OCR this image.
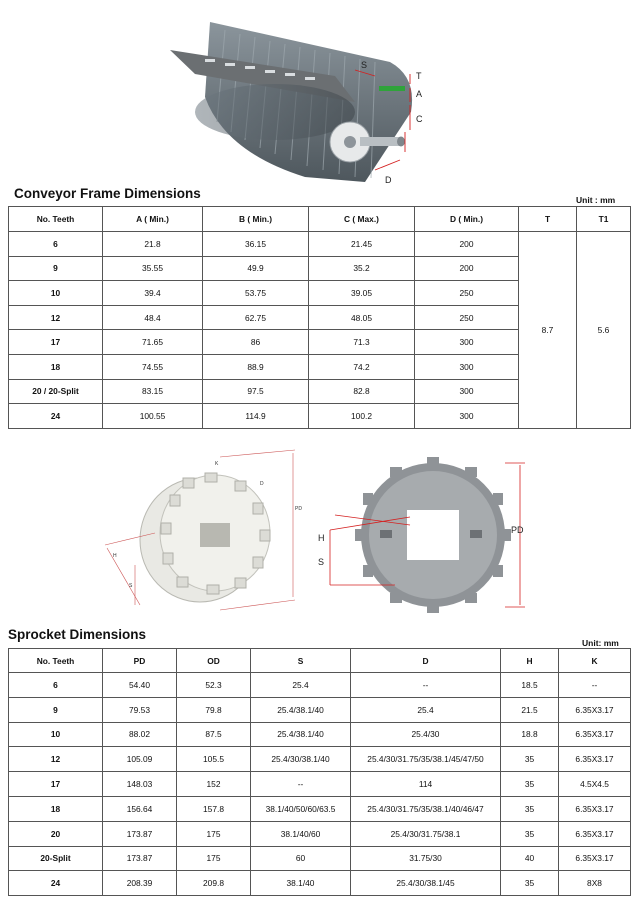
S
T
A
C
D
Conveyor Frame Dimensions	Unit : mm
No. Teeth	A ( Min.)	B ( Min.)	C ( Max.)	D ( Min.)	T	T1
6	21.8	36.15	21.45	200	8.7	5.6
9	35.55	49.9	35.2	200		
10	39.4	53.75	39.05	250		
12	48.4	62.75	48.05	250		
17	71.65	86	71.3	300		
18	74.55	88.9	74.2	300		
20 / 20-Split	83.15	97.5	82.8	300		
24	100.55	114.9	100.2	300		
K
D
PD
H
S
H
S
PD
Sprocket Dimensions
Unit: mm
No. Teeth	PD	OD	S	D	H	K
6	54.40	52.3	25.4	--	18.5	--
9	79.53	79.8	25.4/38.1/40	25.4	21.5	6.35X3.17
10	88.02	87.5	25.4/38.1/40	25.4/30	18.8	6.35X3.17
12	105.09	105.5	25.4/30/38.1/40	25.4/30/31.75/35/38.1/45/47/50	35	6.35X3.17
17	148.03	152	--	114	35	4.5X4.5
18	156.64	157.8	38.1/40/50/60/63.5	25.4/30/31.75/35/38.1/40/46/47	35	6.35X3.17
20	173.87	175	38.1/40/60	25.4/30/31.75/38.1	35	6.35X3.17
20-Split	173.87	175	60	31.75/30	40	6.35X3.17
24	208.39	209.8	38.1/40	25.4/30/38.1/45	35	8X8
